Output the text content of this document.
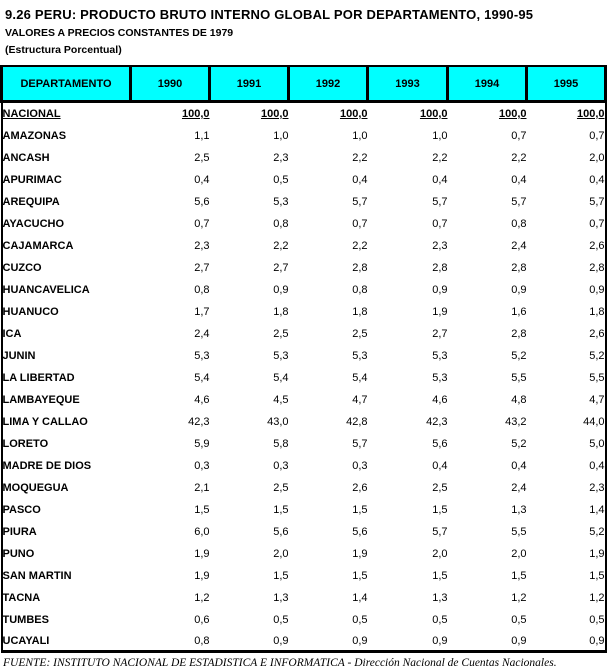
9.26 PERU: PRODUCTO BRUTO INTERNO GLOBAL POR DEPARTAMENTO, 1990-95
VALORES A PRECIOS CONSTANTES DE 1979
(Estructura Porcentual)
DEPARTAMENTO	1990	1991	1992	1993	1994	1995
NACIONAL	100,0	100,0	100,0	100,0	100,0	100,0
AMAZONAS	1,1	1,0	1,0	1,0	0,7	0,7
ANCASH	2,5	2,3	2,2	2,2	2,2	2,0
APURIMAC	0,4	0,5	0,4	0,4	0,4	0,4
AREQUIPA	5,6	5,3	5,7	5,7	5,7	5,7
AYACUCHO	0,7	0,8	0,7	0,7	0,8	0,7
CAJAMARCA	2,3	2,2	2,2	2,3	2,4	2,6
CUZCO	2,7	2,7	2,8	2,8	2,8	2,8
HUANCAVELICA	0,8	0,9	0,8	0,9	0,9	0,9
HUANUCO	1,7	1,8	1,8	1,9	1,6	1,8
ICA	2,4	2,5	2,5	2,7	2,8	2,6
JUNIN	5,3	5,3	5,3	5,3	5,2	5,2
LA LIBERTAD	5,4	5,4	5,4	5,3	5,5	5,5
LAMBAYEQUE	4,6	4,5	4,7	4,6	4,8	4,7
LIMA Y CALLAO	42,3	43,0	42,8	42,3	43,2	44,0
LORETO	5,9	5,8	5,7	5,6	5,2	5,0
MADRE DE DIOS	0,3	0,3	0,3	0,4	0,4	0,4
MOQUEGUA	2,1	2,5	2,6	2,5	2,4	2,3
PASCO	1,5	1,5	1,5	1,5	1,3	1,4
PIURA	6,0	5,6	5,6	5,7	5,5	5,2
PUNO	1,9	2,0	1,9	2,0	2,0	1,9
SAN MARTIN	1,9	1,5	1,5	1,5	1,5	1,5
TACNA	1,2	1,3	1,4	1,3	1,2	1,2
TUMBES	0,6	0,5	0,5	0,5	0,5	0,5
UCAYALI	0,8	0,9	0,9	0,9	0,9	0,9
FUENTE: INSTITUTO NACIONAL DE ESTADISTICA E INFORMATICA - Dirección Nacional de Cuentas Nacionales.
